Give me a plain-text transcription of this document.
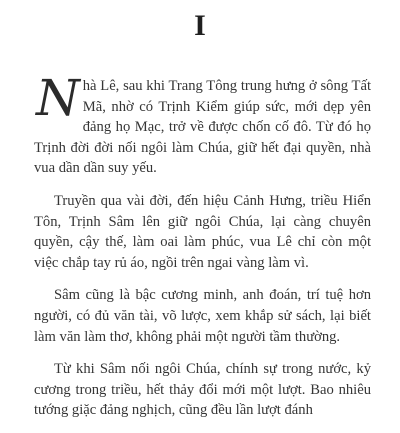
I

Nhà Lê, sau khi Trang Tông trung hưng ở sông Tất Mã, nhờ có Trịnh Kiểm giúp sức, mới dẹp yên đảng họ Mạc, trở về được chốn cố đô. Từ đó họ Trịnh đời đời nối ngôi làm Chúa, giữ hết đại quyền, nhà vua dần dần suy yếu.

Truyền qua vài đời, đến hiệu Cảnh Hưng, triều Hiển Tôn, Trịnh Sâm lên giữ ngôi Chúa, lại càng chuyên quyền, cậy thế, làm oai làm phúc, vua Lê chỉ còn một việc chắp tay rủ áo, ngồi trên ngai vàng làm vì.

Sâm cũng là bậc cương minh, anh đoán, trí tuệ hơn người, có đủ văn tài, võ lược, xem khắp sử sách, lại biết làm văn làm thơ, không phải một người tầm thường.

Từ khi Sâm nối ngôi Chúa, chính sự trong nước, kỷ cương trong triều, hết thảy đổi mới một lượt. Bao nhiêu tướng giặc đảng nghịch, cũng đều lần lượt đánh
